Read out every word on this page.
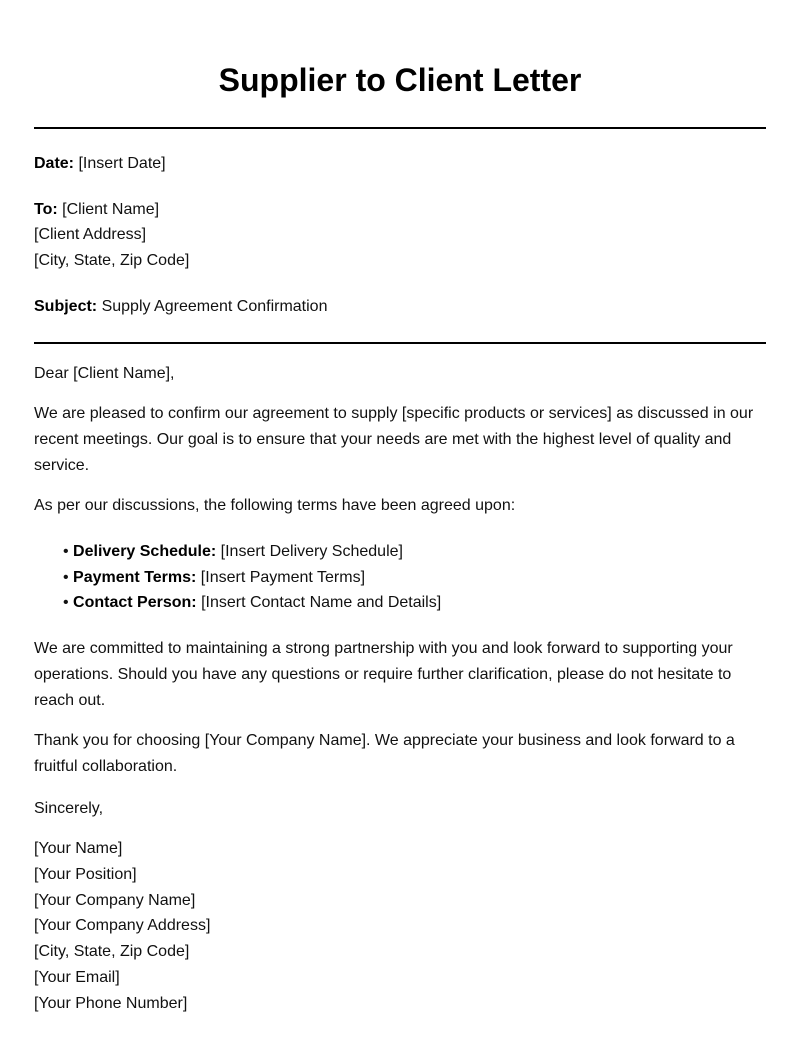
Supplier to Client Letter

Date: [Insert Date]

To: [Client Name]

[Client Address]

[City, State, Zip Code]

Subject: Supply Agreement Confirmation

Dear [Client Name],

We are pleased to confirm our agreement to supply [specific products or services] as discussed in our recent meetings. Our goal is to ensure that your needs are met with the highest level of quality and service.

As per our discussions, the following terms have been agreed upon:

• Delivery Schedule: [Insert Delivery Schedule]
• Payment Terms: [Insert Payment Terms]
• Contact Person: [Insert Contact Name and Details]

We are committed to maintaining a strong partnership with you and look forward to supporting your operations. Should you have any questions or require further clarification, please do not hesitate to reach out.

Thank you for choosing [Your Company Name]. We appreciate your business and look forward to a fruitful collaboration.

Sincerely,

[Your Name]

[Your Position]

[Your Company Name]

[Your Company Address]

[City, State, Zip Code]

[Your Email]

[Your Phone Number]
